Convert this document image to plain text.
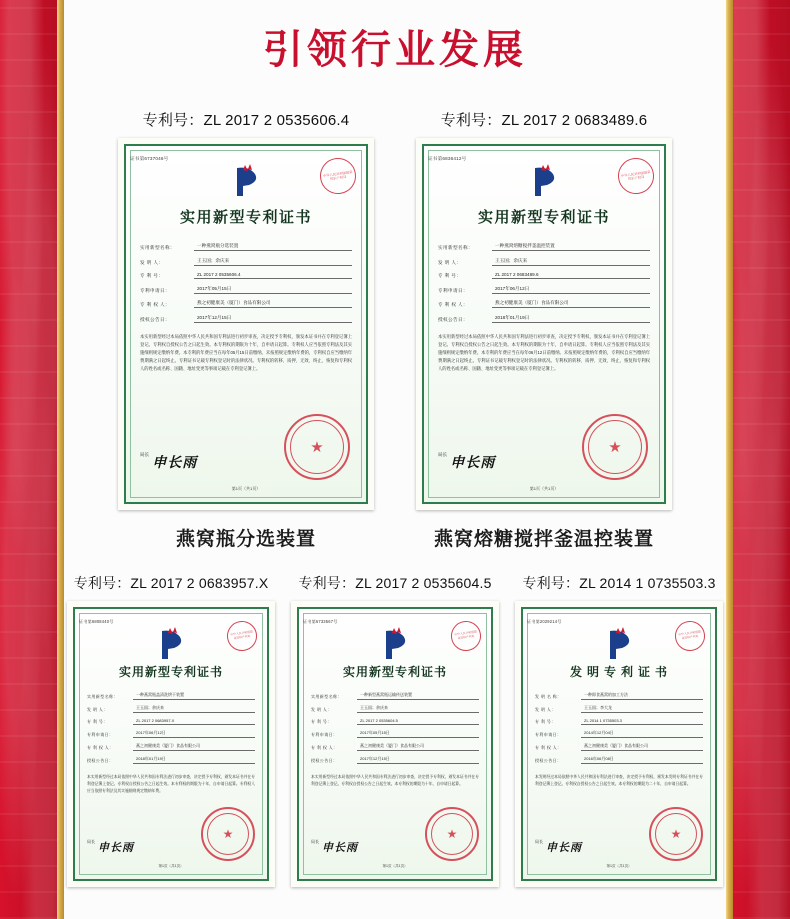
引领行业发展
专利号：ZL 2017 2 0535606.4
证书第6737046号
中华人民共和国国家知识产权局
实用新型专利证书
实用新型名称：	一种燕窝瓶分选装置
发 明 人：	王玉国；余庆来
专 利 号：	ZL 2017 2 0535606.4
专利申请日：	2017年05月15日
专 利 权 人：	燕之初健康美（厦门）食品有限公司
授权公告日：	2017年12月15日
本实用新型经过本局依照中华人民共和国专利法进行初步审查，决定授予专利权，颁发本证书并在专利登记簿上登记。专利权自授权公告之日起生效。本专利权的期限为十年，自申请日起算。专利权人应当依照专利法及其实施细则规定缴纳年费。本专利的年费应当在每年05月15日前缴纳。未按照规定缴纳年费的，专利权自应当缴纳年费期满之日起终止。专利证书记载专利权登记时的法律状况。专利权的转移、质押、无效、终止、恢复和专利权人的姓名或名称、国籍、地址变更等事项记载在专利登记簿上。
局长
申长雨
★
第1页（共1页）
燕窝瓶分选装置
专利号：ZL 2017 2 0683489.6
证书第6836412号
中华人民共和国国家知识产权局
实用新型专利证书
实用新型名称：	一种燕窝熔糖搅拌釜温控装置
发 明 人：	王玉国；余庆来
专 利 号：	ZL 2017 2 0683489.6
专利申请日：	2017年06月12日
专 利 权 人：	燕之初健康美（厦门）食品有限公司
授权公告日：	2018年01月19日
本实用新型经过本局依照中华人民共和国专利法进行初步审查，决定授予专利权，颁发本证书并在专利登记簿上登记。专利权自授权公告之日起生效。本专利权的期限为十年，自申请日起算。专利权人应当依照专利法及其实施细则规定缴纳年费。本专利的年费应当在每年06月12日前缴纳。未按照规定缴纳年费的，专利权自应当缴纳年费期满之日起终止。专利证书记载专利权登记时的法律状况。专利权的转移、质押、无效、终止、恢复和专利权人的姓名或名称、国籍、地址变更等事项记载在专利登记簿上。
局长
申长雨
★
第1页（共1页）
燕窝熔糖搅拌釜温控装置
专利号：ZL 2017 2 0683957.X
证书第6808440号
中华人民共和国国家知识产权局
实用新型专利证书
实用新型名称：	一种燕窝瓶盖清洗烘干装置
发 明 人：	王玉国；余庆来
专 利 号：	ZL 2017 2 0683957.X
专利申请日：	2017年06月12日
专 利 权 人：	燕之初健康美（厦门）食品有限公司
授权公告日：	2018年01月19日
本实用新型经过本局依照中华人民共和国专利法进行初步审查，决定授予专利权，颁发本证书并在专利登记簿上登记。专利权自授权公告之日起生效。本专利权的期限为十年，自申请日起算。专利权人应当依照专利法及其实施细则规定缴纳年费。
局长
申长雨
★
第1页（共1页）
专利号：ZL 2017 2 0535604.5
证书第6733567号
中华人民共和国国家知识产权局
实用新型专利证书
实用新型名称：	一种新型燕窝瓶运输传送装置
发 明 人：	王玉国；余庆来
专 利 号：	ZL 2017 2 0535604.5
专利申请日：	2017年05月15日
专 利 权 人：	燕之初健康美（厦门）食品有限公司
授权公告日：	2017年12月15日
本实用新型经过本局依照中华人民共和国专利法进行初步审查，决定授予专利权，颁发本证书并在专利登记簿上登记。专利权自授权公告之日起生效。本专利权的期限为十年，自申请日起算。
局长
申长雨
★
第1页（共1页）
专利号：ZL 2014 1 0735503.3
证书第2029214号
中华人民共和国国家知识产权局
发 明 专 利 证 书
发 明 名 称：	一种即食燕窝的加工方法
发 明 人：	王玉国；李大龙
专 利 号：	ZL 2014 1 0735503.3
专利申请日：	2014年12月04日
专 利 权 人：	燕之初健康美（厦门）食品有限公司
授权公告日：	2016年06月08日
本发明经过本局依照中华人民共和国专利法进行审查，决定授予专利权，颁发本发明专利证书并在专利登记簿上登记。专利权自授权公告之日起生效。本专利权的期限为二十年，自申请日起算。
局长
申长雨
★
第1页（共1页）
